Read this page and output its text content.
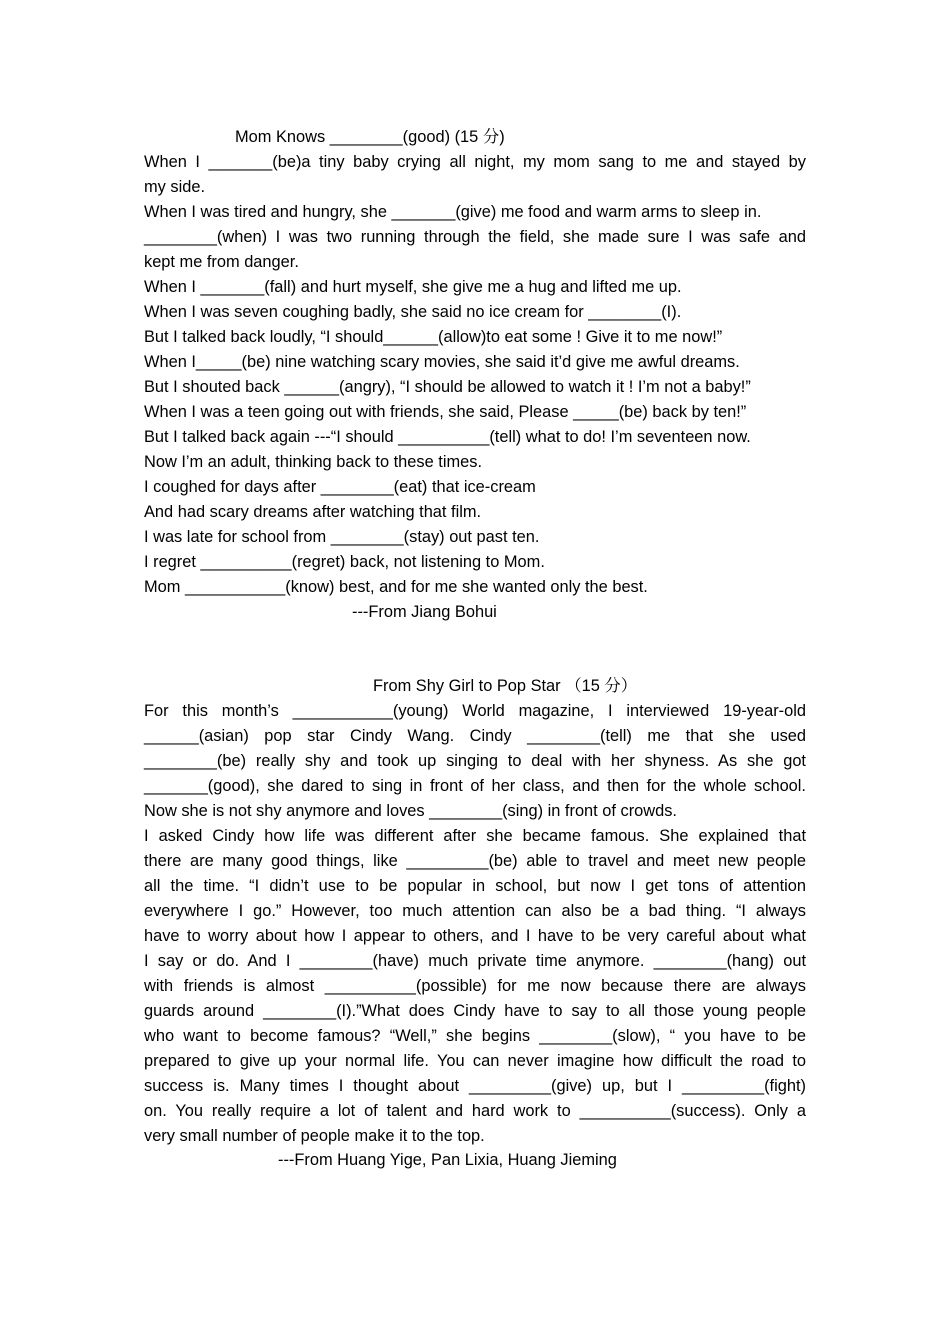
Mom Knows ________(good) (15 分)
When I _______(be)a tiny baby crying all night, my mom sang to me and stayed by
my side.
When I was tired and hungry, she _______(give) me food and warm arms to sleep in.
________(when) I was two running through the field, she made sure I was safe and
kept me from danger.
When I _______(fall) and hurt myself, she give me a hug and lifted me up.
When I was seven coughing badly, she said no ice cream for ________(I).
But I talked back loudly, “I should______(allow)to eat some ! Give it to me now!”
When I_____(be) nine watching scary movies, she said it’d give me awful dreams.
But I shouted back ______(angry), “I should be allowed to watch it ! I’m not a baby!”
When I was a teen going out with friends, she said, Please _____(be) back by ten!”
But I talked back again ---“I should __________(tell) what to do! I’m seventeen now.
Now I’m an adult, thinking back to these times.
I coughed for days after ________(eat) that ice-cream
And had scary dreams after watching that film.
I was late for school from ________(stay) out past ten.
I regret __________(regret) back, not listening to Mom.
Mom ___________(know) best, and for me she wanted only the best.
---From Jiang Bohui
From Shy Girl to Pop Star （15 分）
For this month’s ___________(young) World magazine, I interviewed 19-year-old
______(asian) pop star Cindy Wang. Cindy ________(tell) me that she used
________(be) really shy and took up singing to deal with her shyness. As she got
_______(good), she dared to sing in front of her class, and then for the whole school.
Now she is not shy anymore and loves ________(sing) in front of crowds.
I asked Cindy how life was different after she became famous. She explained that
there are many good things, like _________(be) able to travel and meet new people
all the time. “I didn’t use to be popular in school, but now I get tons of attention
everywhere I go.” However, too much attention can also be a bad thing. “I always
have to worry about how I appear to others, and I have to be very careful about what
I say or do. And I ________(have) much private time anymore. ________(hang) out
with friends is almost __________(possible) for me now because there are always
guards around ________(I).”What does Cindy have to say to all those young people
who want to become famous? “Well,” she begins ________(slow), “ you have to be
prepared to give up your normal life. You can never imagine how difficult the road to
success is. Many times I thought about _________(give) up, but I _________(fight)
on. You really require a lot of talent and hard work to __________(success). Only a
very small number of people make it to the top.
---From Huang Yige, Pan Lixia, Huang Jieming
